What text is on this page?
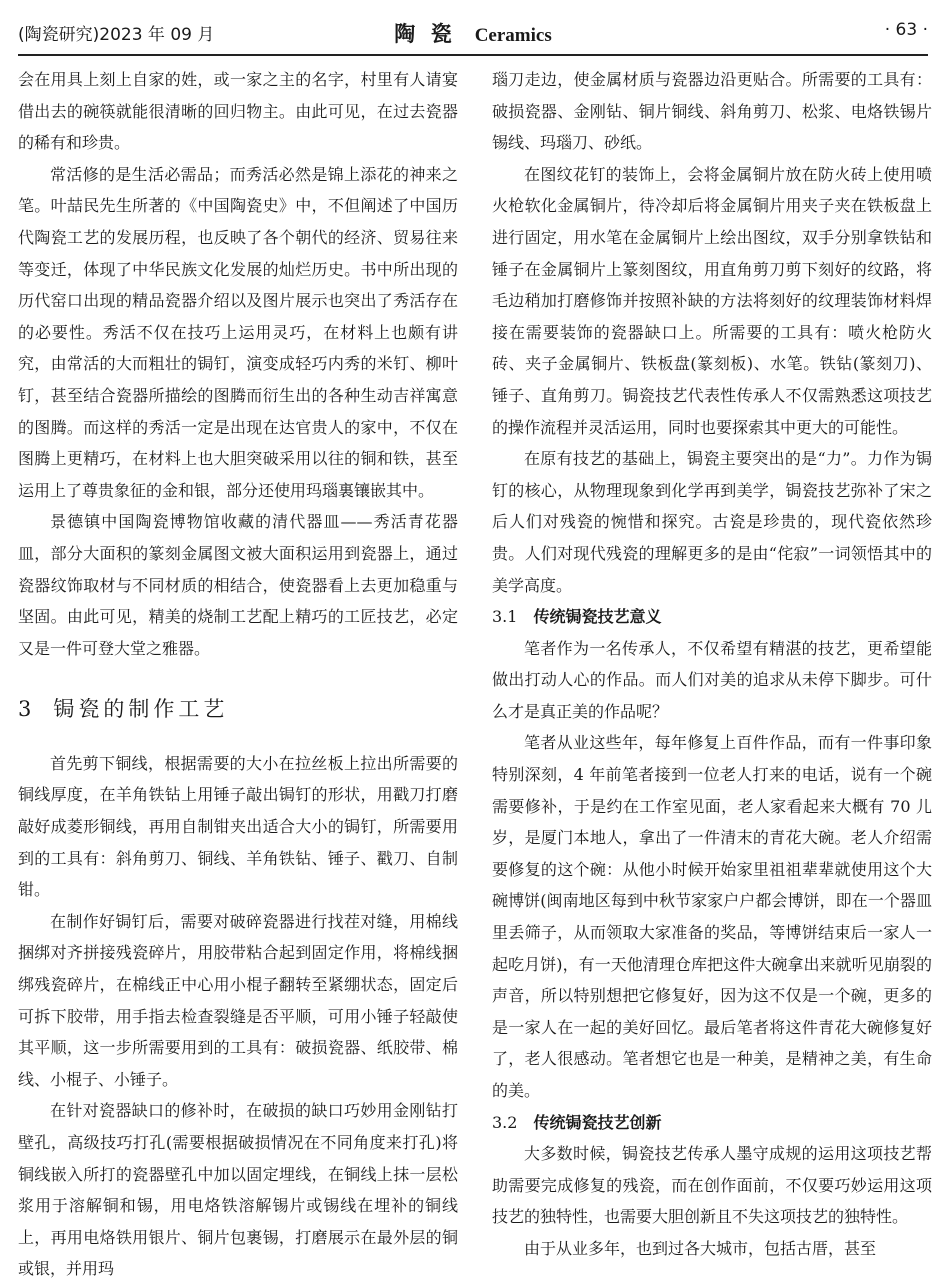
(陶瓷研究)2023 年 09 月	陶 瓷 Ceramics	· 63 ·

会在用具上刻上自家的姓，或一家之主的名字，村里有人请宴借出去的碗筷就能很清晰的回归物主。由此可见，在过去瓷器的稀有和珍贵。

常活修的是生活必需品；而秀活必然是锦上添花的神来之笔。叶喆民先生所著的《中国陶瓷史》中，不但阐述了中国历代陶瓷工艺的发展历程，也反映了各个朝代的经济、贸易往来等变迁，体现了中华民族文化发展的灿烂历史。书中所出现的历代窑口出现的精品瓷器介绍以及图片展示也突出了秀活存在的必要性。秀活不仅在技巧上运用灵巧，在材料上也颇有讲究，由常活的大而粗壮的锔钉，演变成轻巧内秀的米钉、柳叶钉，甚至结合瓷器所描绘的图腾而衍生出的各种生动吉祥寓意的图腾。而这样的秀活一定是出现在达官贵人的家中，不仅在图腾上更精巧，在材料上也大胆突破采用以往的铜和铁，甚至运用上了尊贵象征的金和银，部分还使用玛瑙裏镶嵌其中。

景德镇中国陶瓷博物馆收藏的清代器皿——秀活青花器皿，部分大面积的篆刻金属图文被大面积运用到瓷器上，通过瓷器纹饰取材与不同材质的相结合，使瓷器看上去更加稳重与坚固。由此可见，精美的烧制工艺配上精巧的工匠技艺，必定又是一件可登大堂之雅器。

3 锔瓷的制作工艺

首先剪下铜线，根据需要的大小在拉丝板上拉出所需要的铜线厚度，在羊角铁钻上用锤子敲出锔钉的形状，用戳刀打磨敲好成菱形铜线，再用自制钳夹出适合大小的锔钉，所需要用到的工具有：斜角剪刀、铜线、羊角铁钻、锤子、戳刀、自制钳。

在制作好锔钉后，需要对破碎瓷器进行找茬对缝，用棉线捆绑对齐拼接残瓷碎片，用胶带粘合起到固定作用，将棉线捆绑残瓷碎片，在棉线正中心用小棍子翻转至紧绷状态，固定后可拆下胶带，用手指去检查裂缝是否平顺，可用小锤子轻敲使其平顺，这一步所需要用到的工具有：破损瓷器、纸胶带、棉线、小棍子、小锤子。

在针对瓷器缺口的修补时，在破损的缺口巧妙用金刚钻打壁孔，高级技巧打孔(需要根据破损情况在不同角度来打孔)将铜线嵌入所打的瓷器壁孔中加以固定埋线，在铜线上抹一层松浆用于溶解铜和锡，用电烙铁溶解锡片或锡线在埋补的铜线上，再用电烙铁用银片、铜片包裹锡，打磨展示在最外层的铜或银，并用玛

瑙刀走边，使金属材质与瓷器边沿更贴合。所需要的工具有：破损瓷器、金刚钻、铜片铜线、斜角剪刀、松浆、电烙铁锡片锡线、玛瑙刀、砂纸。

在图纹花钉的装饰上，会将金属铜片放在防火砖上使用喷火枪软化金属铜片，待冷却后将金属铜片用夹子夹在铁板盘上进行固定，用水笔在金属铜片上绘出图纹，双手分别拿铁钻和锤子在金属铜片上篆刻图纹，用直角剪刀剪下刻好的纹路，将毛边稍加打磨修饰并按照补缺的方法将刻好的纹理装饰材料焊接在需要装饰的瓷器缺口上。所需要的工具有：喷火枪防火砖、夹子金属铜片、铁板盘(篆刻板)、水笔。铁钻(篆刻刀)、锤子、直角剪刀。锔瓷技艺代表性传承人不仅需熟悉这项技艺的操作流程并灵活运用，同时也要探索其中更大的可能性。

在原有技艺的基础上，锔瓷主要突出的是“力”。力作为锔钉的核心，从物理现象到化学再到美学，锔瓷技艺弥补了宋之后人们对残瓷的惋惜和探究。古瓷是珍贵的，现代瓷依然珍贵。人们对现代残瓷的理解更多的是由“侘寂”一词领悟其中的美学高度。

3.1 传统锔瓷技艺意义

笔者作为一名传承人，不仅希望有精湛的技艺，更希望能做出打动人心的作品。而人们对美的追求从未停下脚步。可什么才是真正美的作品呢？

笔者从业这些年，每年修复上百件作品，而有一件事印象特别深刻，4 年前笔者接到一位老人打来的电话，说有一个碗需要修补，于是约在工作室见面，老人家看起来大概有 70 儿岁，是厦门本地人，拿出了一件清末的青花大碗。老人介绍需要修复的这个碗：从他小时候开始家里祖祖辈辈就使用这个大碗博饼(闽南地区每到中秋节家家户户都会博饼，即在一个器皿里丢筛子，从而领取大家准备的奖品，等博饼结束后一家人一起吃月饼)，有一天他清理仓库把这件大碗拿出来就听见崩裂的声音，所以特别想把它修复好，因为这不仅是一个碗，更多的是一家人在一起的美好回忆。最后笔者将这件青花大碗修复好了，老人很感动。笔者想它也是一种美，是精神之美，有生命的美。

3.2 传统锔瓷技艺创新

大多数时候，锔瓷技艺传承人墨守成规的运用这项技艺帮助需要完成修复的残瓷，而在创作面前，不仅要巧妙运用这项技艺的独特性，也需要大胆创新且不失这项技艺的独特性。

由于从业多年，也到过各大城市，包括古厝，甚至
